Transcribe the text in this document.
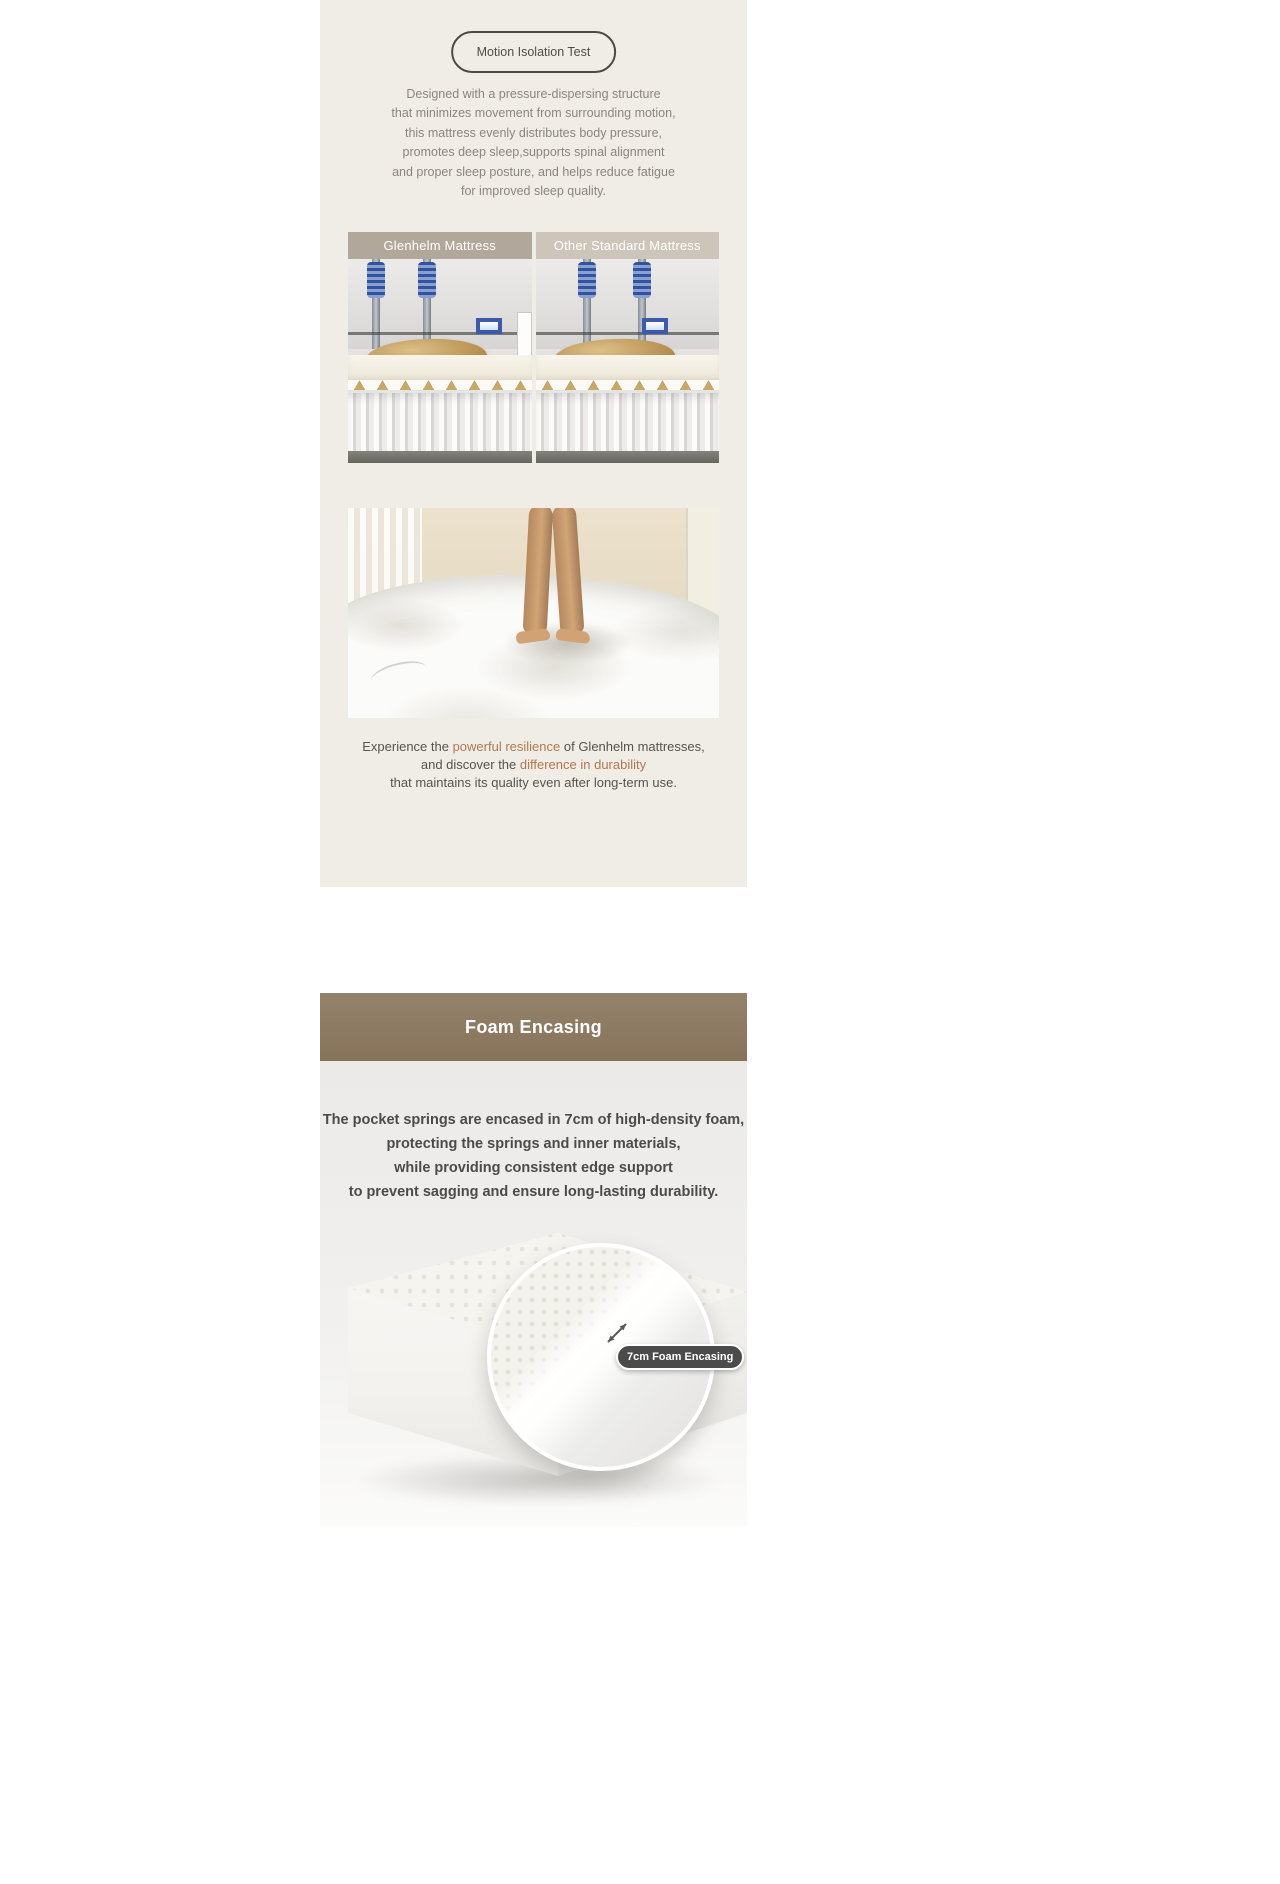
Motion Isolation Test
Designed with a pressure-dispersing structure
that minimizes movement from surrounding motion,
this mattress evenly distributes body pressure,
promotes deep sleep,supports spinal alignment
and proper sleep posture, and helps reduce fatigue
for improved sleep quality.
Glenhelm Mattress	Other Standard Mattress
Experience the powerful resilience of Glenhelm mattresses,
and discover the difference in durability
that maintains its quality even after long-term use.
Foam Encasing
The pocket springs are encased in 7cm of high-density foam,
protecting the springs and inner materials,
while providing consistent edge support
to prevent sagging and ensure long-lasting durability.
7cm Foam Encasing
